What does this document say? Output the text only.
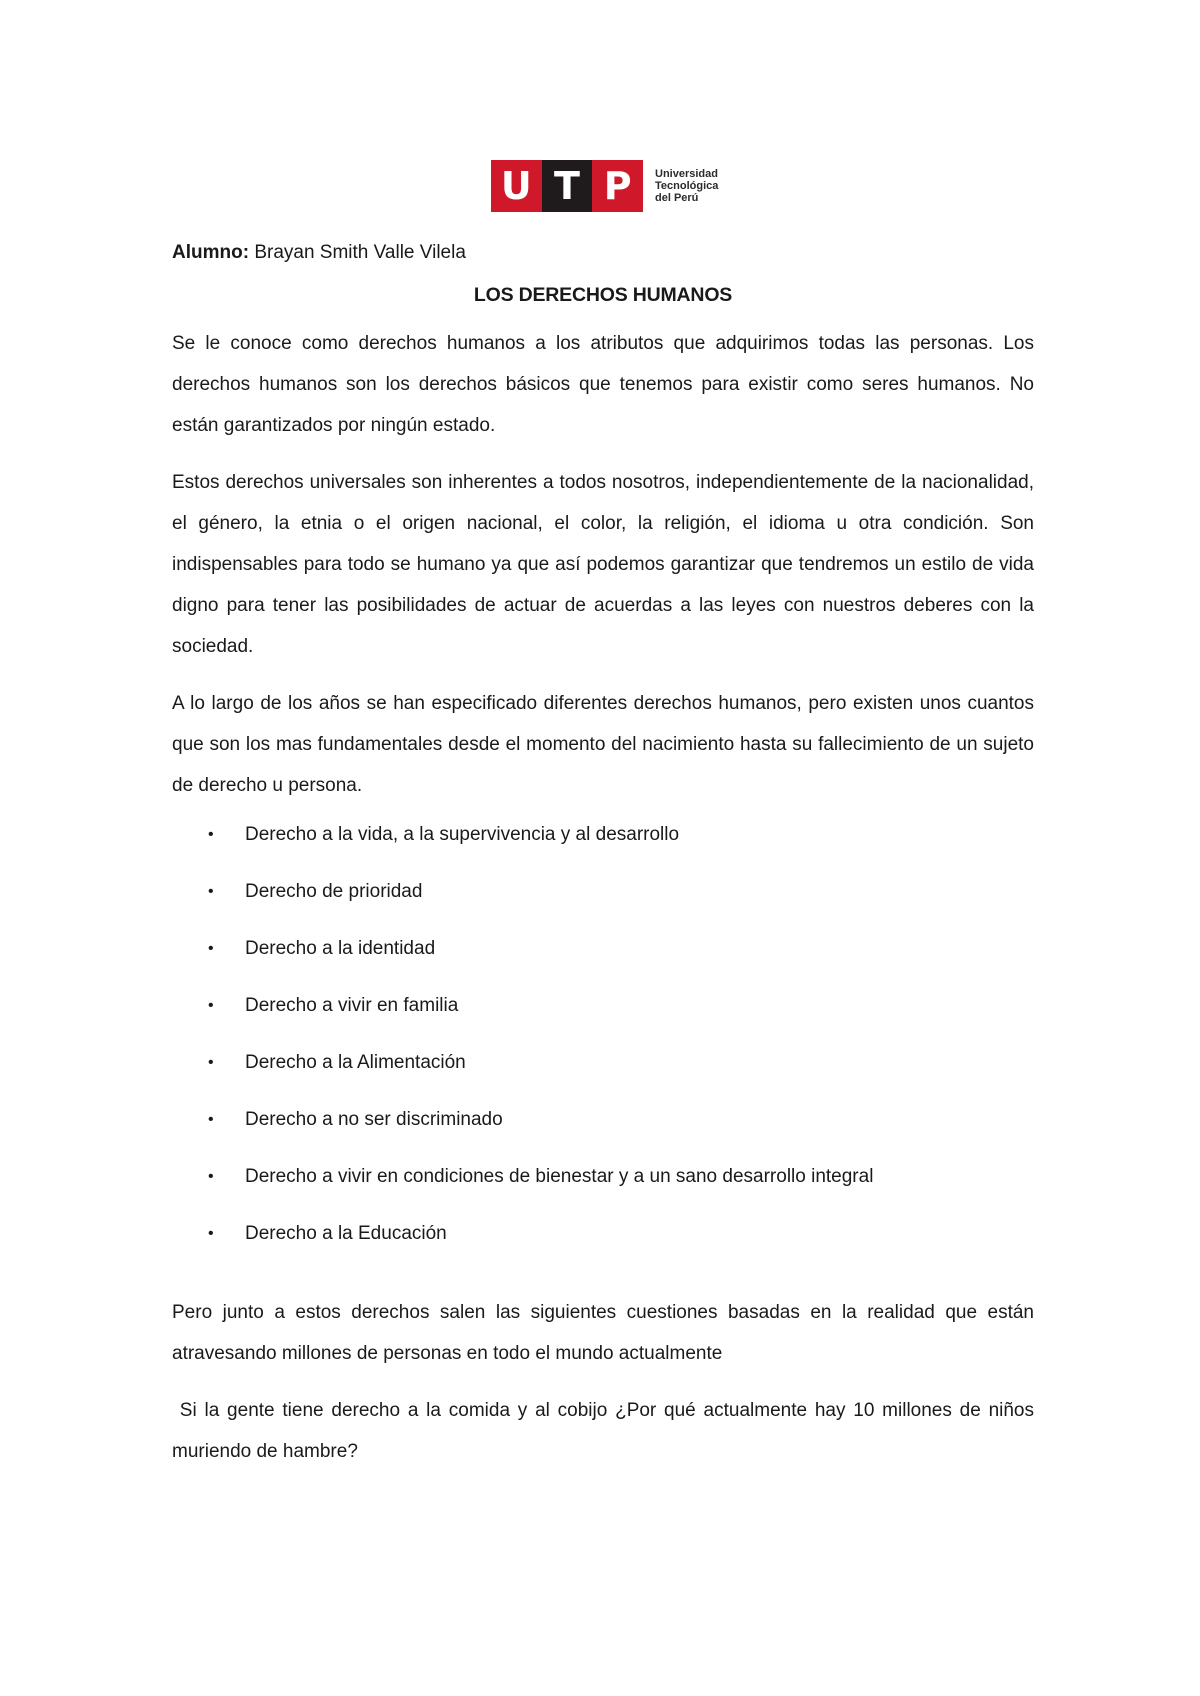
U T P	Universidad
Tecnológica
del Perú

Alumno: Brayan Smith Valle Vilela

LOS DERECHOS HUMANOS

Se le conoce como derechos humanos a los atributos que adquirimos todas las personas. Los derechos humanos son los derechos básicos que tenemos para existir como seres humanos. No están garantizados por ningún estado.

Estos derechos universales son inherentes a todos nosotros, independientemente de la nacionalidad, el género, la etnia o el origen nacional, el color, la religión, el idioma u otra condición. Son indispensables para todo se humano ya que así podemos garantizar que tendremos un estilo de vida digno para tener las posibilidades de actuar de acuerdas a las leyes con nuestros deberes con la sociedad.

A lo largo de los años se han especificado diferentes derechos humanos, pero existen unos cuantos que son los mas fundamentales desde el momento del nacimiento hasta su fallecimiento de un sujeto de derecho u persona.

• Derecho a la vida, a la supervivencia y al desarrollo
• Derecho de prioridad
• Derecho a la identidad
• Derecho a vivir en familia
• Derecho a la Alimentación
• Derecho a no ser discriminado
• Derecho a vivir en condiciones de bienestar y a un sano desarrollo integral
• Derecho a la Educación

Pero junto a estos derechos salen las siguientes cuestiones basadas en la realidad que están atravesando millones de personas en todo el mundo actualmente

Si la gente tiene derecho a la comida y al cobijo ¿Por qué actualmente hay 10 millones de niños muriendo de hambre?
